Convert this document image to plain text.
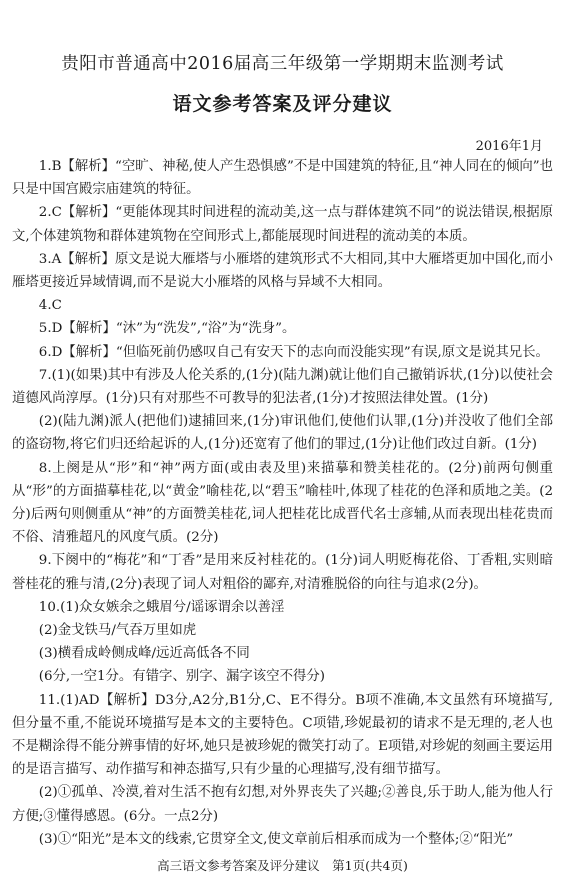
贵阳市普通高中2016届高三年级第一学期期末监测考试
语文参考答案及评分建议
2016年1月

1.B【解析】“空旷、神秘,使人产生恐惧感”不是中国建筑的特征,且“神人同在的倾向”也只是中国宫殿宗庙建筑的特征。

2.C【解析】“更能体现其时间进程的流动美,这一点与群体建筑不同”的说法错误,根据原文,个体建筑物和群体建筑物在空间形式上,都能展现时间进程的流动美的本质。

3.A【解析】原文是说大雁塔与小雁塔的建筑形式不大相同,其中大雁塔更加中国化,而小雁塔更接近异域情调,而不是说大小雁塔的风格与异域不大相同。

4.C

5.D【解析】“沐”为“洗发”,“浴”为“洗身”。

6.D【解析】“但临死前仍感叹自己有安天下的志向而没能实现”有误,原文是说其兄长。

7.(1)(如果)其中有涉及人伦关系的,(1分)(陆九渊)就让他们自己撤销诉状,(1分)以使社会道德风尚淳厚。(1分)只有对那些不可教导的犯法者,(1分)才按照法律处置。(1分)

(2)(陆九渊)派人(把他们)逮捕回来,(1分)审讯他们,使他们认罪,(1分)并没收了他们全部的盗窃物,将它们归还给起诉的人,(1分)还宽宥了他们的罪过,(1分)让他们改过自新。(1分)

8.上阕是从“形”和“神”两方面(或由表及里)来描摹和赞美桂花的。(2分)前两句侧重从“形”的方面描摹桂花,以“黄金”喻桂花,以“碧玉”喻桂叶,体现了桂花的色泽和质地之美。(2分)后两句则侧重从“神”的方面赞美桂花,词人把桂花比成晋代名士彦辅,从而表现出桂花贵而不俗、清雅超凡的风度气质。(2分)

9.下阕中的“梅花”和“丁香”是用来反衬桂花的。(1分)词人明贬梅花俗、丁香粗,实则暗誉桂花的雅与清,(2分)表现了词人对粗俗的鄙弃,对清雅脱俗的向往与追求(2分)。

10.(1)众女嫉余之蛾眉兮/谣诼谓余以善淫

(2)金戈铁马/气吞万里如虎

(3)横看成岭侧成峰/远近高低各不同

(6分,一空1分。有错字、别字、漏字该空不得分)

11.(1)AD【解析】D3分,A2分,B1分,C、E不得分。B项不准确,本文虽然有环境描写,但分量不重,不能说环境描写是本文的主要特色。C项错,珍妮最初的请求不是无理的,老人也不是糊涂得不能分辨事情的好坏,她只是被珍妮的微笑打动了。E项错,对珍妮的刻画主要运用的是语言描写、动作描写和神态描写,只有少量的心理描写,没有细节描写。

(2)①孤单、冷漠,着对生活不抱有幻想,对外界丧失了兴趣;②善良,乐于助人,能为他人行方便;③懂得感恩。(6分。一点2分)

(3)①“阳光”是本文的线索,它贯穿全文,使文章前后相承而成为一个整体;②“阳光”

高三语文参考答案及评分建议　第1页(共4页)
